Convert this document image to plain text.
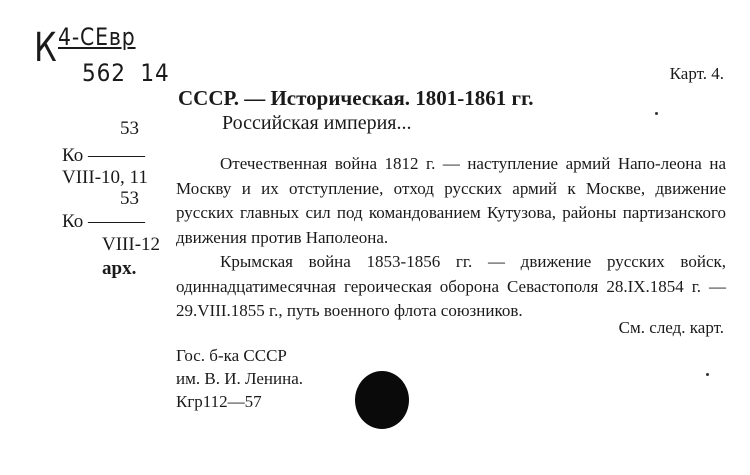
К 4-СЕвр
562 14	Карт. 4.
СССР. — Историческая. 1801-1861 гг.
Российская империя...
53
Ко ———
VIII-10, 11
53
Ко ———
VIII-12
арх.

Отечественная война 1812 г. — наступление армий Напо-леона на Москву и их отступление, отход русских армий к Москве, движение русских главных сил под командованием Кутузова, районы партизанского движения против Наполеона.

Крымская война 1853-1856 гг. — движение русских войск, одиннадцатимесячная героическая оборона Севастополя 28.IX.1854 г. — 29.VIII.1855 г., путь военного флота союзников.

См. след. карт.
Гос. б-ка СССР
им. В. И. Ленина.
Кгр112—57
